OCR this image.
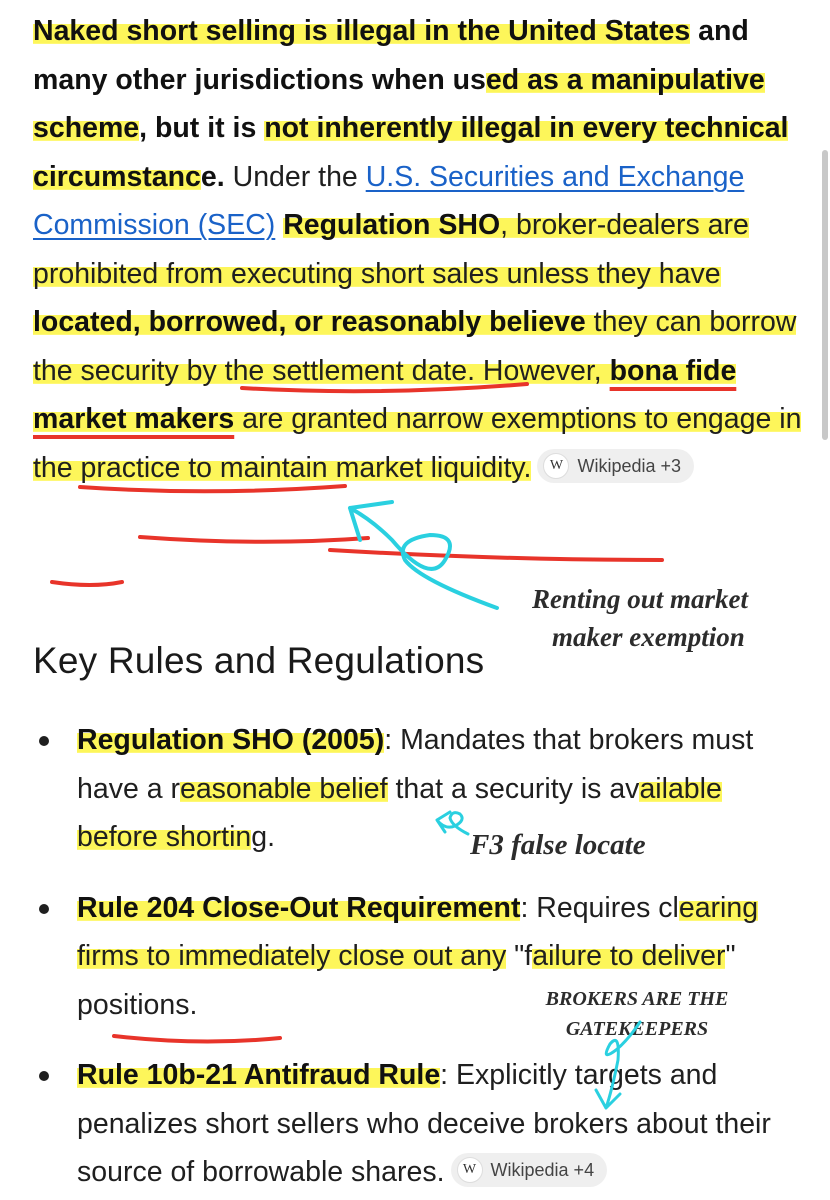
Naked short selling is illegal in the United States and many other jurisdictions when used as a manipulative scheme, but it is not inherently illegal in every technical circumstance. Under the U.S. Securities and Exchange Commission (SEC) Regulation SHO, broker-dealers are prohibited from executing short sales unless they have located, borrowed, or reasonably believe they can borrow the security by the settlement date. However, bona fide market makers are granted narrow exemptions to engage in the practice to maintain market liquidity.	W Wikipedia +3

Renting out market
maker exemption
Key Rules and Regulations
Regulation SHO (2005): Mandates that brokers must have a reasonable belief that a security is available before shorting.
Rule 204 Close-Out Requirement: Requires clearing firms to immediately close out any "failure to deliver" positions.
Rule 10b-21 Antifraud Rule: Explicitly targets and penalizes short sellers who deceive brokers about their source of borrowable shares.	W Wikipedia +4
F3 false locate
BROKERS ARE THE
GATEKEEPERS
